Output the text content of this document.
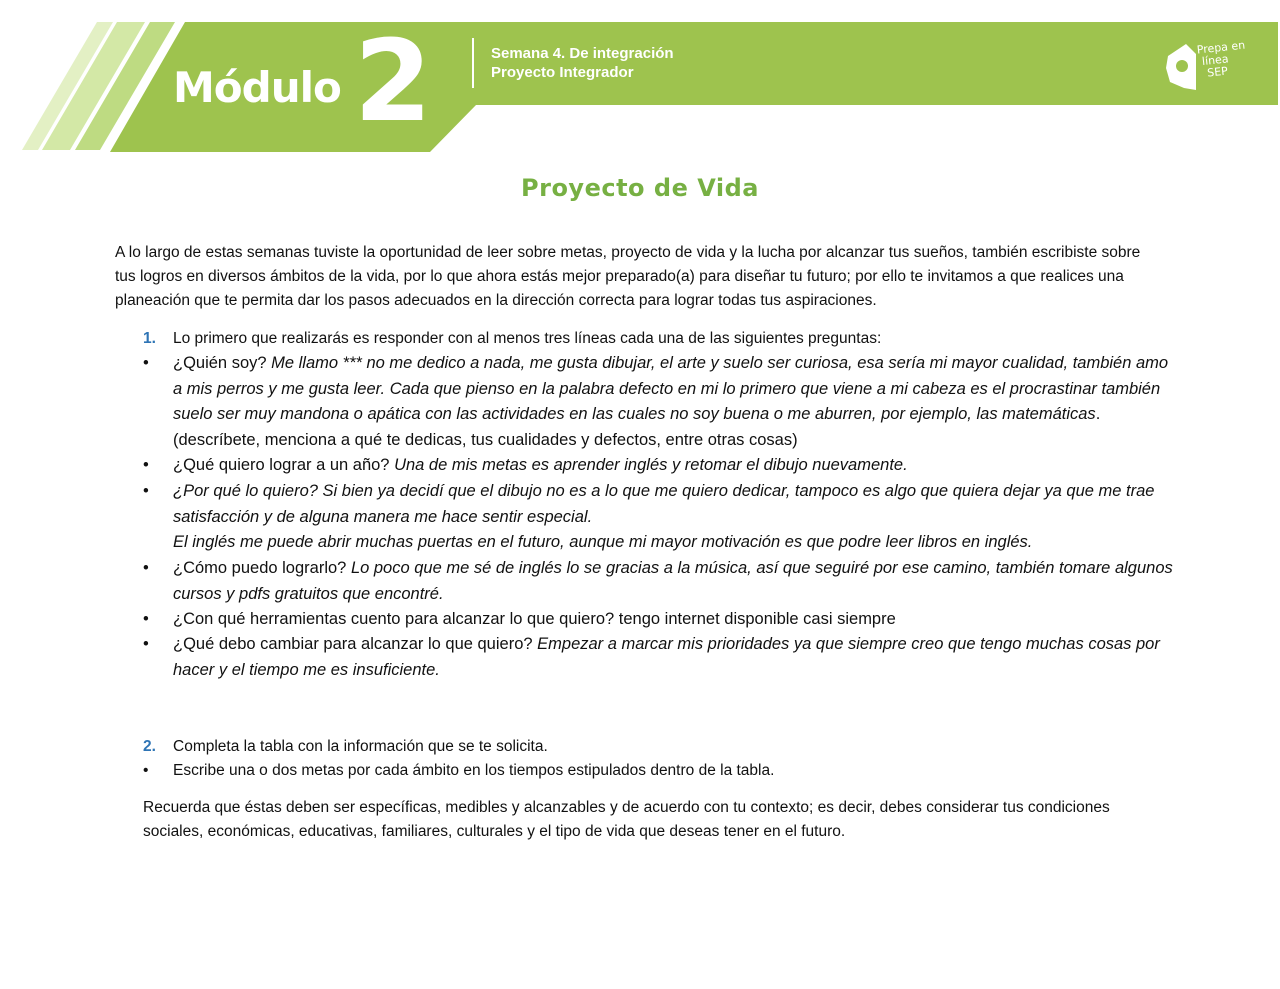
Módulo 2	Semana 4. De integración
Proyecto Integrador
Prepa en
línea
SEP
Proyecto de Vida

A lo largo de estas semanas tuviste la oportunidad de leer sobre metas, proyecto de vida y la lucha por alcanzar tus sueños, también escribiste sobre tus logros en diversos ámbitos de la vida, por lo que ahora estás mejor preparado(a) para diseñar tu futuro; por ello te invitamos a que realices una planeación que te permita dar los pasos adecuados en la dirección correcta para lograr todas tus aspiraciones.

1. Lo primero que realizarás es responder con al menos tres líneas cada una de las siguientes preguntas:

•	¿Quién soy? Me llamo *** no me dedico a nada, me gusta dibujar, el arte y suelo ser curiosa, esa sería mi mayor cualidad, también amo a mis perros y me gusta leer. Cada que pienso en la palabra defecto en mi lo primero que viene a mi cabeza es el procrastinar también suelo ser muy mandona o apática con las actividades en las cuales no soy buena o me aburren, por ejemplo, las matemáticas. (descríbete, menciona a qué te dedicas, tus cualidades y defectos, entre otras cosas)
•	¿Qué quiero lograr a un año? Una de mis metas es aprender inglés y retomar el dibujo nuevamente.
•	¿Por qué lo quiero? Si bien ya decidí que el dibujo no es a lo que me quiero dedicar, tampoco es algo que quiera dejar ya que me trae satisfacción y de alguna manera me hace sentir especial.
El inglés me puede abrir muchas puertas en el futuro, aunque mi mayor motivación es que podre leer libros en inglés.
•	¿Cómo puedo lograrlo? Lo poco que me sé de inglés lo se gracias a la música, así que seguiré por ese camino, también tomare algunos cursos y pdfs gratuitos que encontré.
•	¿Con qué herramientas cuento para alcanzar lo que quiero? tengo internet disponible casi siempre
•	¿Qué debo cambiar para alcanzar lo que quiero? Empezar a marcar mis prioridades ya que siempre creo que tengo muchas cosas por hacer y el tiempo me es insuficiente.

2. Completa la tabla con la información que se te solicita.

•	Escribe una o dos metas por cada ámbito en los tiempos estipulados dentro de la tabla.

Recuerda que éstas deben ser específicas, medibles y alcanzables y de acuerdo con tu contexto; es decir, debes considerar tus condiciones sociales, económicas, educativas, familiares, culturales y el tipo de vida que deseas tener en el futuro.
